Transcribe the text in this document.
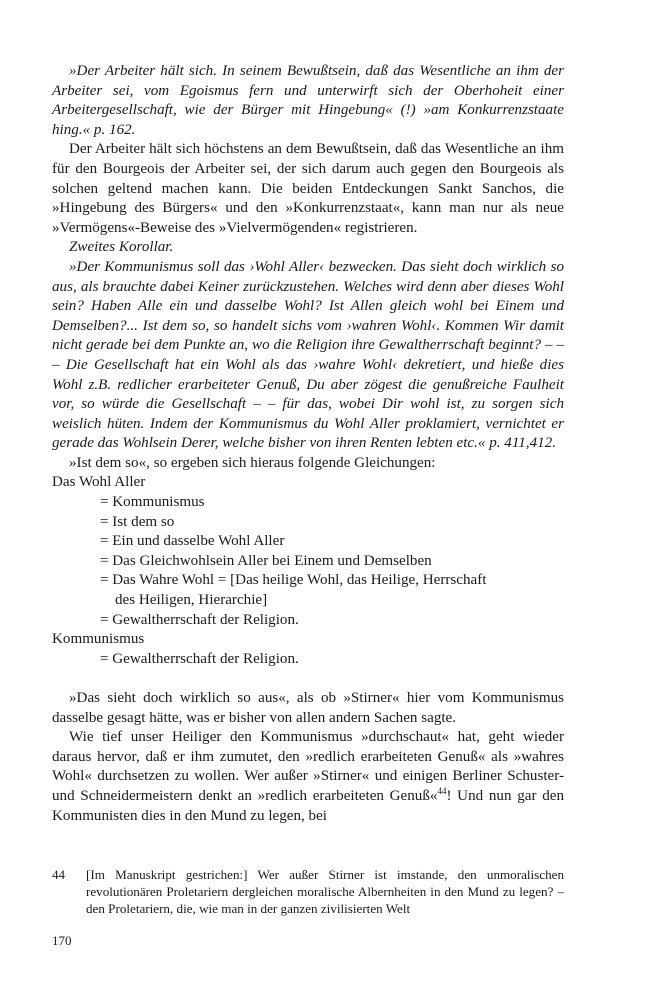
»Der Arbeiter hält sich. In seinem Bewußtsein, daß das Wesentliche an ihm der Arbeiter sei, vom Egoismus fern und unterwirft sich der Oberhoheit einer Arbeitergesellschaft, wie der Bürger mit Hingebung« (!) »am Konkurrenzstaate hing.« p. 162.

Der Arbeiter hält sich höchstens an dem Bewußtsein, daß das Wesentliche an ihm für den Bourgeois der Arbeiter sei, der sich darum auch gegen den Bourgeois als solchen geltend machen kann. Die beiden Entdeckungen Sankt Sanchos, die »Hingebung des Bürgers« und den »Konkurrenzstaat«, kann man nur als neue »Vermögens«-Beweise des »Vielvermögenden« registrieren.

Zweites Korollar.

»Der Kommunismus soll das ›Wohl Aller‹ bezwecken. Das sieht doch wirklich so aus, als brauchte dabei Keiner zurückzustehen. Welches wird denn aber dieses Wohl sein? Haben Alle ein und dasselbe Wohl? Ist Allen gleich wohl bei Einem und Demselben?... Ist dem so, so handelt sichs vom ›wahren Wohl‹. Kommen Wir damit nicht gerade bei dem Punkte an, wo die Religion ihre Gewaltherrschaft beginnt? – – – Die Gesellschaft hat ein Wohl als das ›wahre Wohl‹ dekretiert, und hieße dies Wohl z.B. redlicher erarbeiteter Genuß, Du aber zögest die genußreiche Faulheit vor, so würde die Gesellschaft – – für das, wobei Dir wohl ist, zu sorgen sich weislich hüten. Indem der Kommunismus du Wohl Aller proklamiert, vernichtet er gerade das Wohlsein Derer, welche bisher von ihren Renten lebten etc.« p. 411,412.

»Ist dem so«, so ergeben sich hieraus folgende Gleichungen:

Das Wohl Aller

= Kommunismus

= Ist dem so

= Ein und dasselbe Wohl Aller

= Das Gleichwohlsein Aller bei Einem und Demselben

= Das Wahre Wohl = [Das heilige Wohl, das Heilige, Herrschaft

des Heiligen, Hierarchie]

= Gewaltherrschaft der Religion.

Kommunismus

= Gewaltherrschaft der Religion.

»Das sieht doch wirklich so aus«, als ob »Stirner« hier vom Kommunismus dasselbe gesagt hätte, was er bisher von allen andern Sachen sagte.

Wie tief unser Heiliger den Kommunismus »durchschaut« hat, geht wieder daraus hervor, daß er ihm zumutet, den »redlich erarbeiteten Genuß« als »wahres Wohl« durchsetzen zu wollen. Wer außer »Stirner« und einigen Berliner Schuster- und Schneidermeistern denkt an »redlich erarbeiteten Genuß«$^{44}$! Und nun gar den Kommunisten dies in den Mund zu legen, bei

44	[Im Manuskript gestrichen:] Wer außer Stirner ist imstande, den unmoralischen revolutionären Proletariern dergleichen moralische Albernheiten in den Mund zu legen? – den Proletariern, die, wie man in der ganzen zivilisierten Welt
170
